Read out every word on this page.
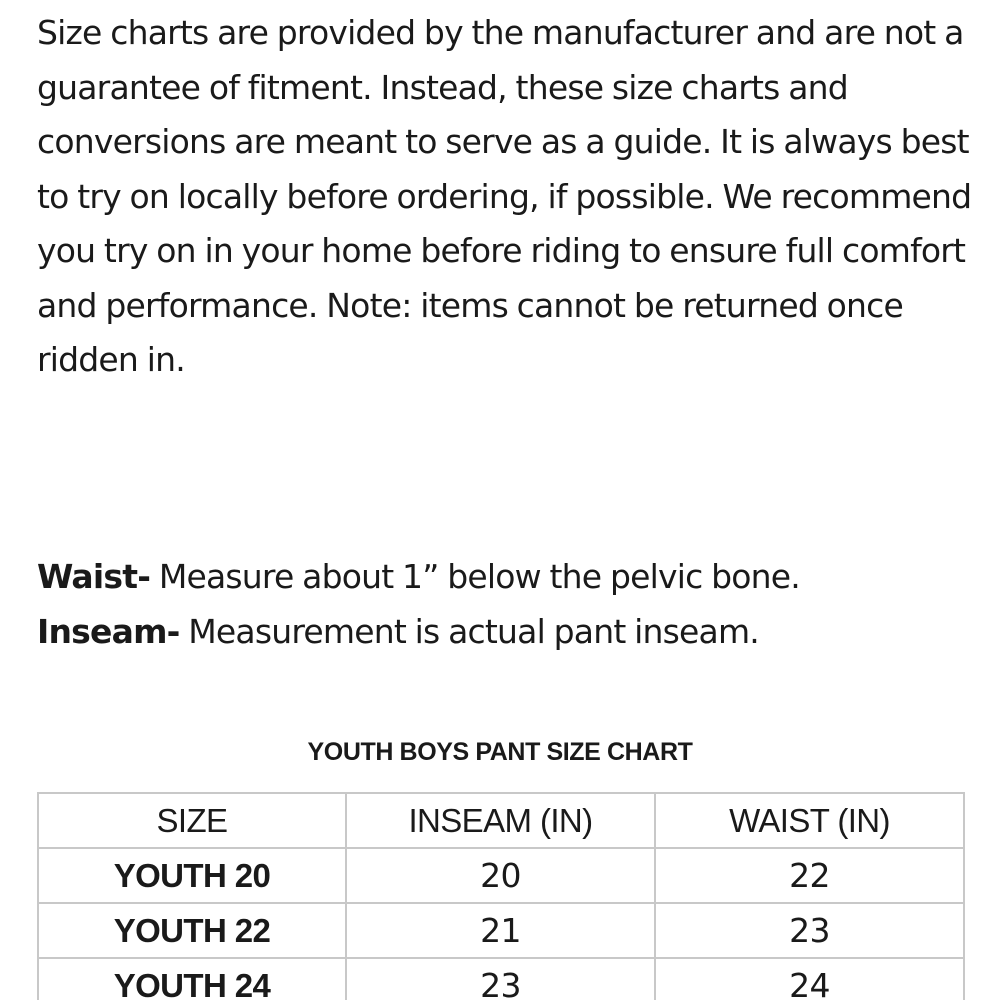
Size charts are provided by the manufacturer and are not a guarantee of fitment. Instead, these size charts and conversions are meant to serve as a guide. It is always best to try on locally before ordering, if possible. We recommend you try on in your home before riding to ensure full comfort and performance. Note: items cannot be returned once ridden in.

Waist- Measure about 1” below the pelvic bone.
Inseam- Measurement is actual pant inseam.
YOUTH BOYS PANT SIZE CHART
SIZE	INSEAM (IN)	WAIST (IN)
YOUTH 20	20	22
YOUTH 22	21	23
YOUTH 24	23	24
